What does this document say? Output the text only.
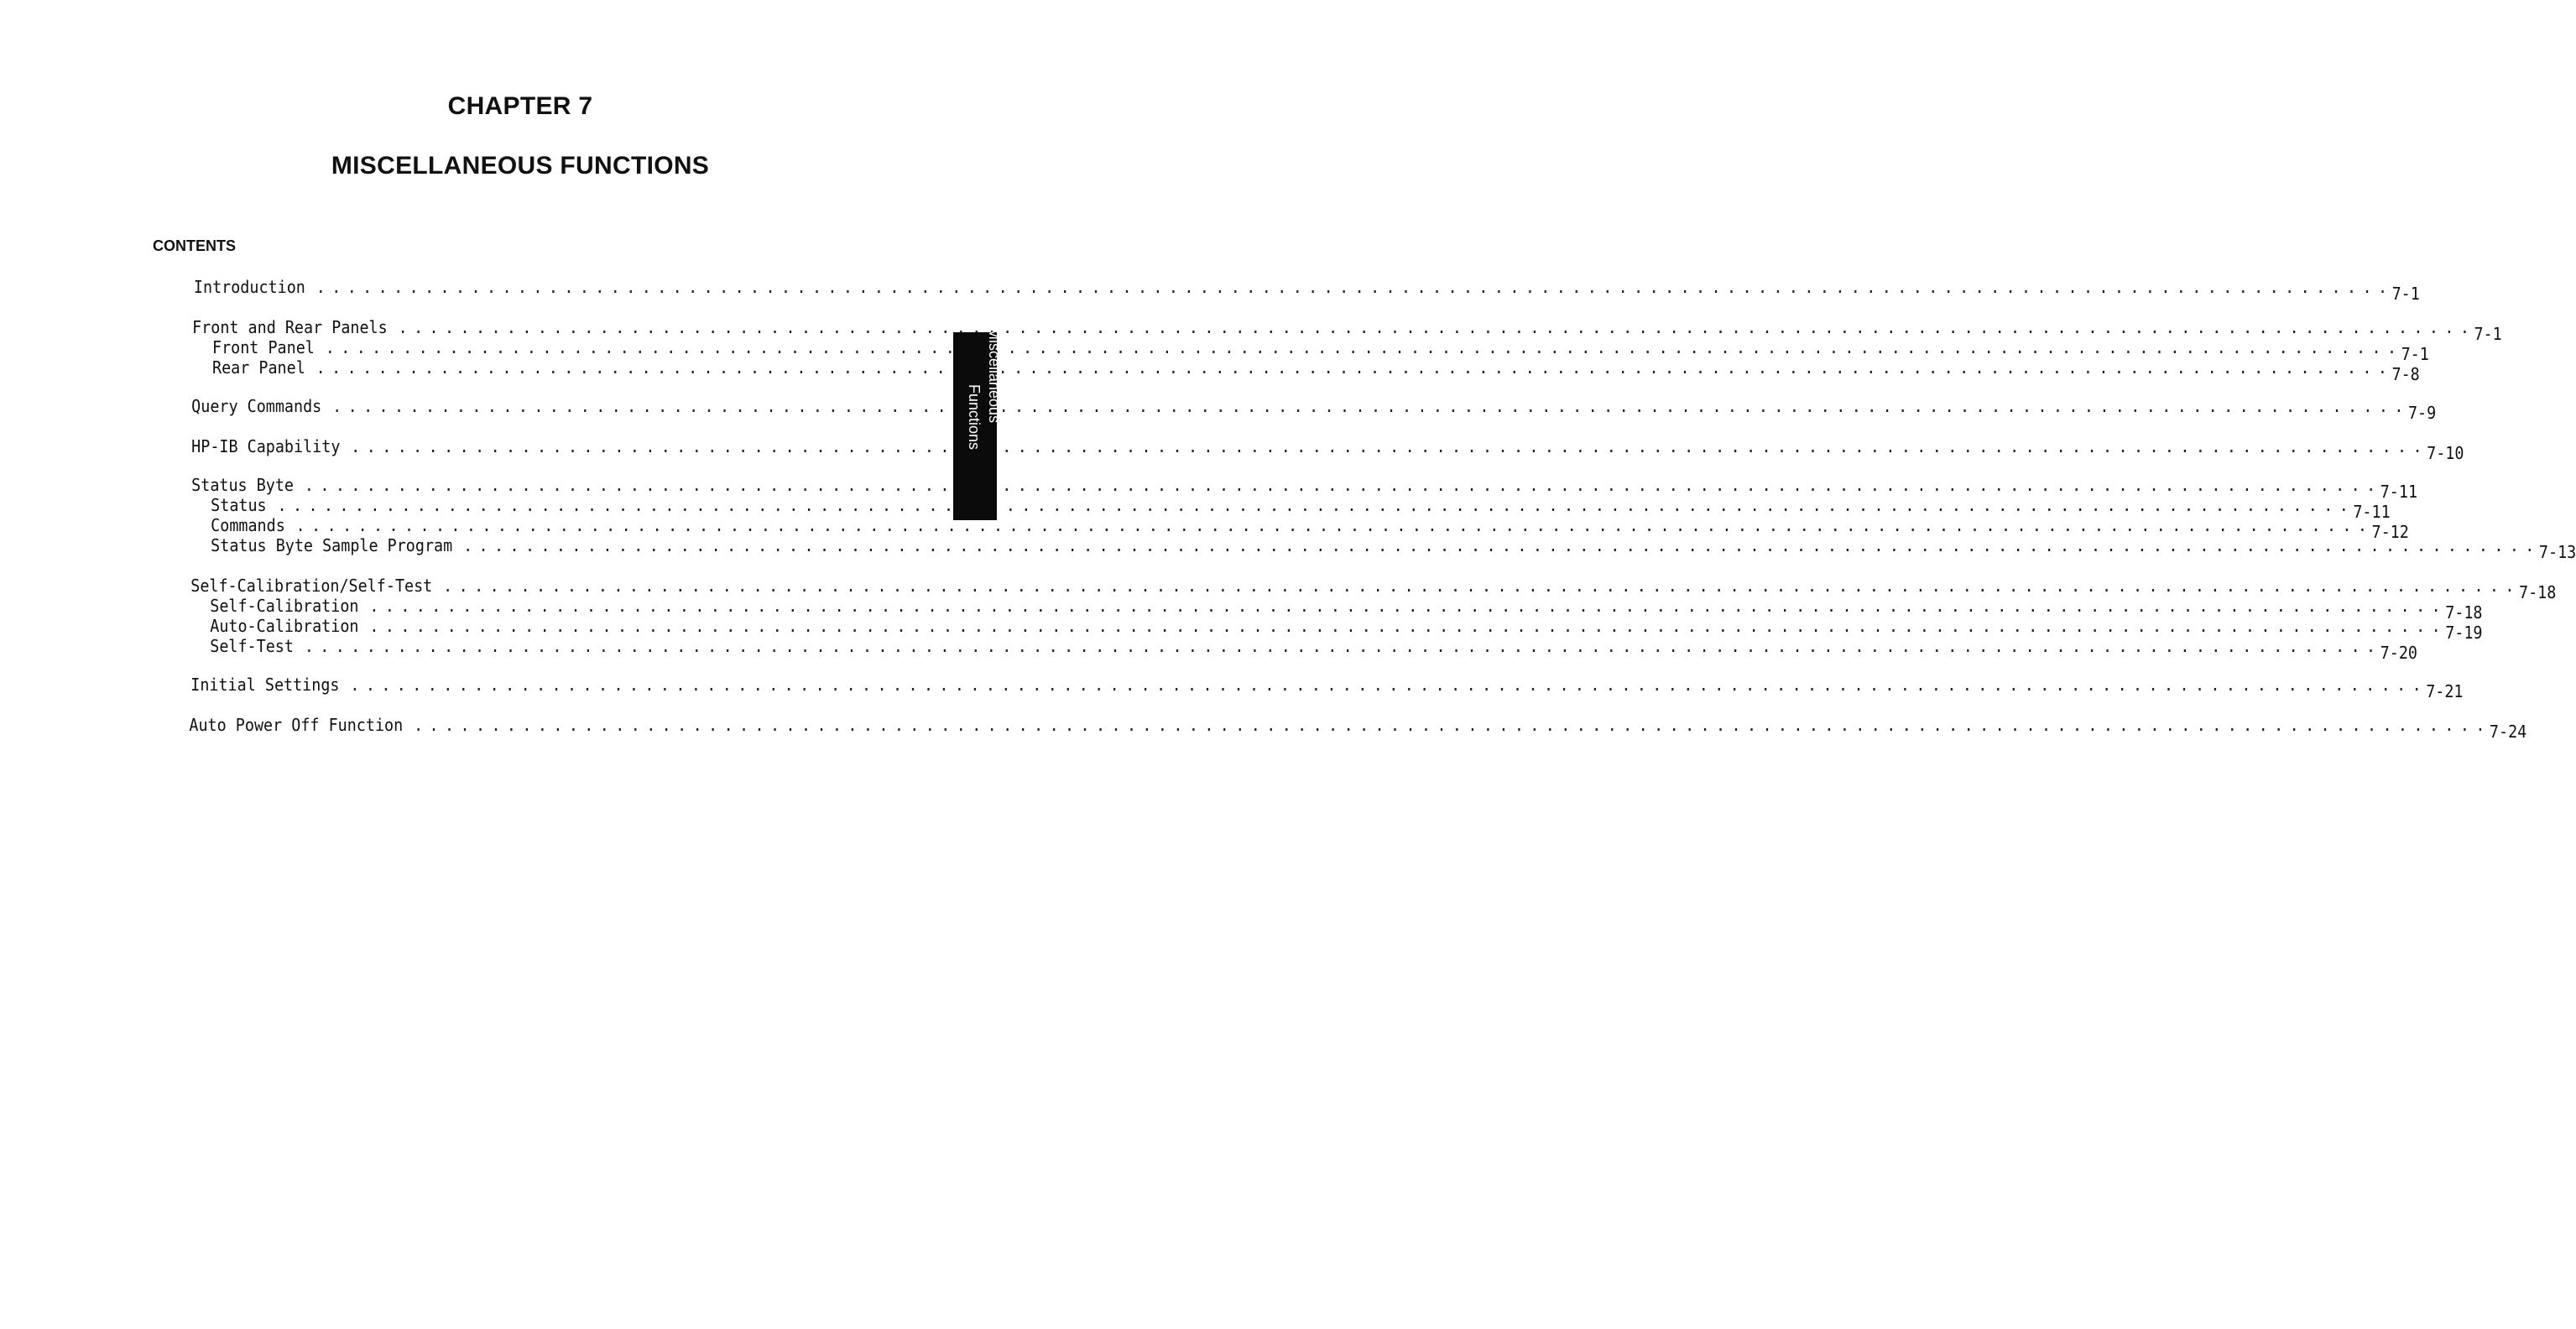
CHAPTER 7
MISCELLANEOUS FUNCTIONS
CONTENTS
Introduction . . .	7-1
Front and Rear Panels . . .	7-1
Front Panel . . .	7-1
Rear Panel . . .	7-8
Query Commands . . .	7-9
HP-IB Capability . . .	7-10
Status Byte . . .	7-11
Status . . .	7-11
Commands . . .	7-12
Status Byte Sample Program . . .	7-13
Self-Calibration/Self-Test . . .	7-18
Self-Calibration . . .	7-18
Auto-Calibration . . .	7-19
Self-Test . . .	7-20
Initial Settings . . .	7-21
Auto Power Off Function . . .	7-24
7. Miscellaneous
Functions
